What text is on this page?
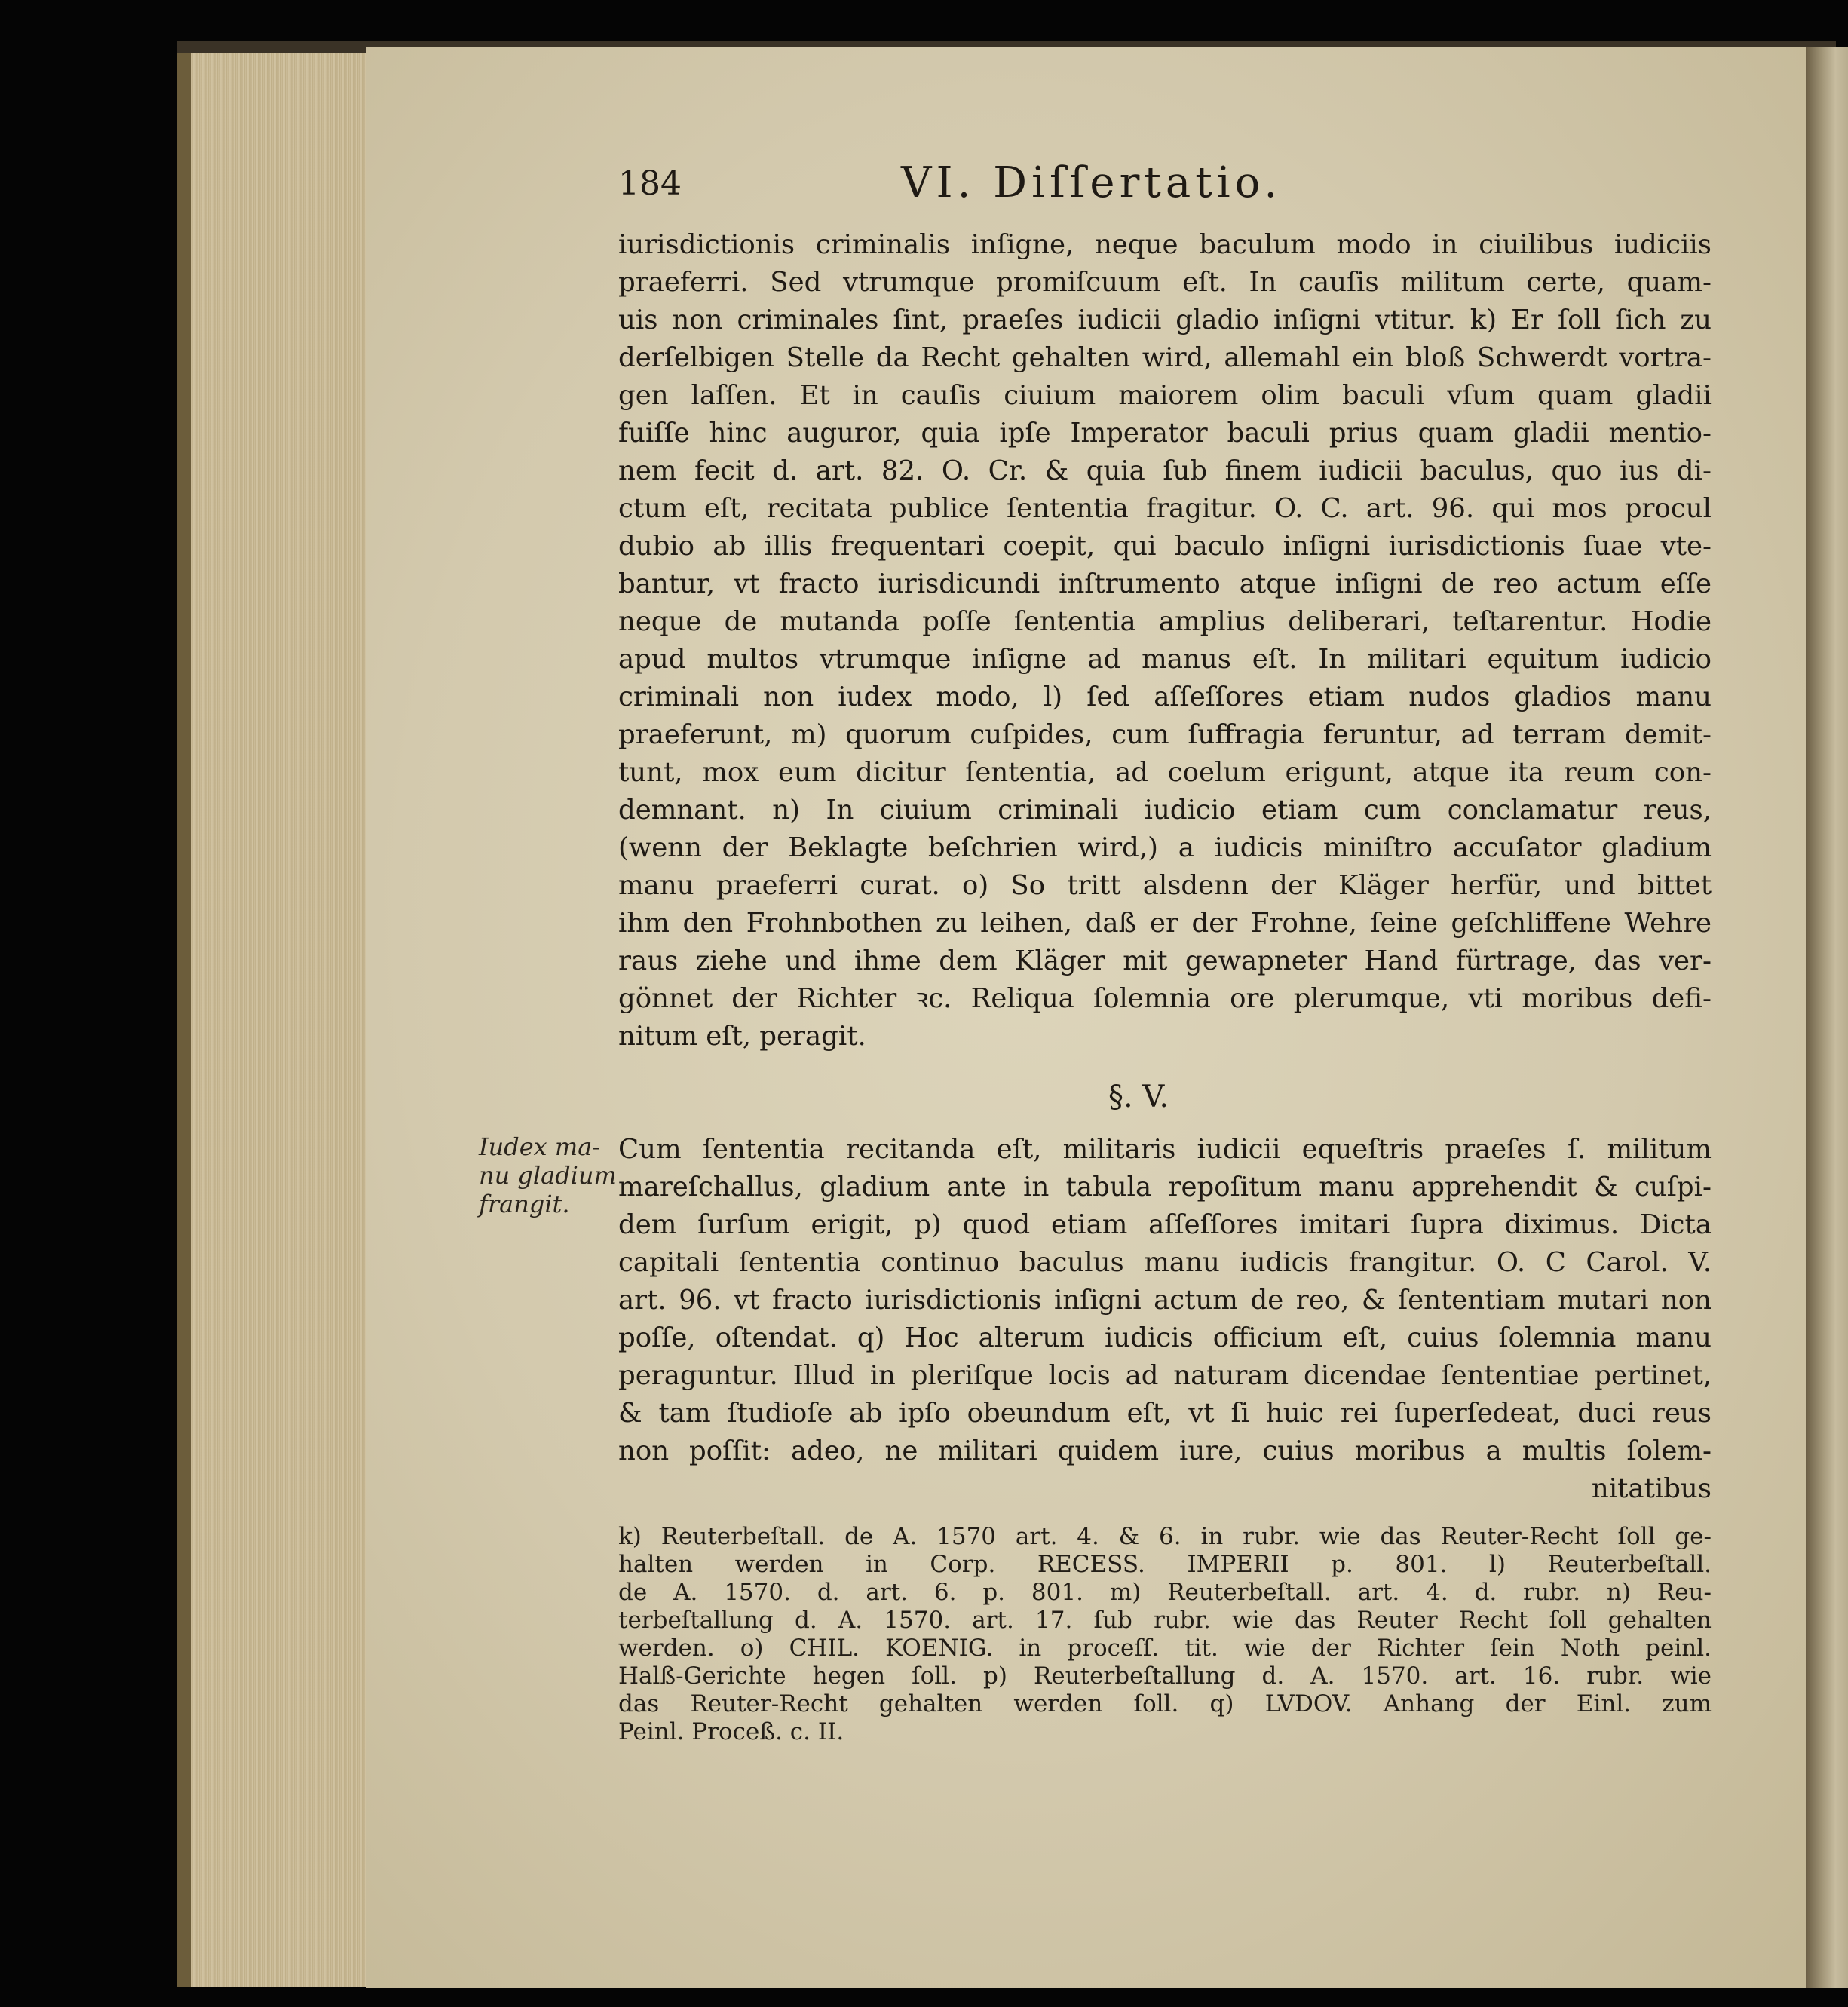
184	VI. Diſſertatio.
iurisdictionis criminalis inſigne, neque baculum modo in ciuilibus iudiciis
praeferri. Sed vtrumque promiſcuum eſt. In cauſis militum certe, quam-
uis non criminales ſint, praeſes iudicii gladio inſigni vtitur. k) Er ſoll ſich zu
derſelbigen Stelle da Recht gehalten wird, allemahl ein bloß Schwerdt vortra-
gen laſſen. Et in cauſis ciuium maiorem olim baculi vſum quam gladii
fuiſſe hinc auguror, quia ipſe Imperator baculi prius quam gladii mentio-
nem fecit d. art. 82. O. Cr. & quia ſub finem iudicii baculus, quo ius di-
ctum eſt, recitata publice ſententia fragitur. O. C. art. 96. qui mos procul
dubio ab illis frequentari coepit, qui baculo inſigni iurisdictionis ſuae vte-
bantur, vt fracto iurisdicundi inſtrumento atque inſigni de reo actum eſſe
neque de mutanda poſſe ſententia amplius deliberari, teſtarentur. Hodie
apud multos vtrumque inſigne ad manus eſt. In militari equitum iudicio
criminali non iudex modo, l) ſed aſſeſſores etiam nudos gladios manu
praeferunt, m) quorum cuſpides, cum ſuffragia feruntur, ad terram demit-
tunt, mox eum dicitur ſententia, ad coelum erigunt, atque ita reum con-
demnant. n) In ciuium criminali iudicio etiam cum conclamatur reus,
(wenn der Beklagte beſchrien wird,) a iudicis miniſtro accuſator gladium
manu praeferri curat. o) So tritt alsdenn der Kläger herfür, und bittet
ihm den Frohnbothen zu leihen, daß er der Frohne, ſeine geſchliffene Wehre
raus ziehe und ihme dem Kläger mit gewapneter Hand fürtrage, das ver-
gönnet der Richter ꝛc. Reliqua ſolemnia ore plerumque, vti moribus defi-
nitum eſt, peragit.
§. V.
Iudex ma-
nu gladium
frangit.
Cum ſententia recitanda eſt, militaris iudicii equeſtris praeſes ſ. militum
mareſchallus, gladium ante in tabula repoſitum manu apprehendit & cuſpi-
dem ſurſum erigit, p) quod etiam aſſeſſores imitari ſupra diximus. Dicta
capitali ſententia continuo baculus manu iudicis frangitur. O. C Carol. V.
art. 96. vt fracto iurisdictionis inſigni actum de reo, & ſententiam mutari non
poſſe, oſtendat. q) Hoc alterum iudicis officium eſt, cuius ſolemnia manu
peraguntur. Illud in pleriſque locis ad naturam dicendae ſententiae pertinet,
& tam ſtudioſe ab ipſo obeundum eſt, vt ſi huic rei ſuperſedeat, duci reus
non poſſit: adeo, ne militari quidem iure, cuius moribus a multis ſolem-
nitatibus
k) Reuterbeſtall. de A. 1570 art. 4. & 6. in rubr. wie das Reuter-Recht ſoll ge-
halten werden in Corp. RECESS. IMPERII p. 801. l) Reuterbeſtall.
de A. 1570. d. art. 6. p. 801. m) Reuterbeſtall. art. 4. d. rubr. n) Reu-
terbeſtallung d. A. 1570. art. 17. ſub rubr. wie das Reuter Recht ſoll gehalten
werden. o) CHIL. KOENIG. in proceſſ. tit. wie der Richter ſein Noth peinl.
Halß-Gerichte hegen ſoll. p) Reuterbeſtallung d. A. 1570. art. 16. rubr. wie
das Reuter-Recht gehalten werden ſoll. q) LVDOV. Anhang der Einl. zum
Peinl. Proceß. c. II.
